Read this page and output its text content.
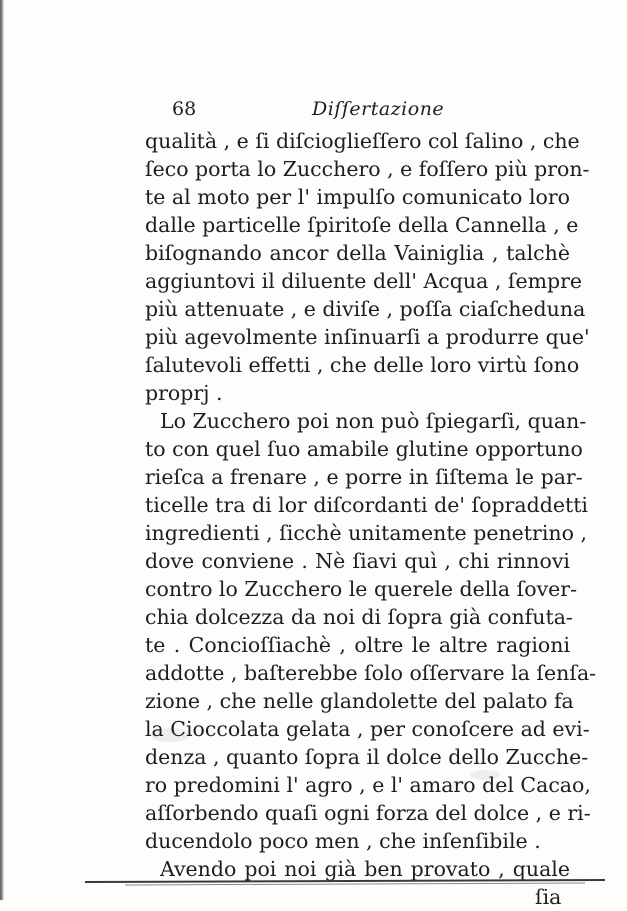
68	Diſſertazione
qualità , e ſi diſcioglieſſero col ſalino , che
ſeco porta lo Zucchero , e foſſero più pron-
te al moto per l' impulſo comunicato loro
dalle particelle ſpiritoſe della Cannella , e
biſognando ancor della Vainiglia , talchè
aggiuntovi il diluente dell' Acqua , ſempre
più attenuate , e diviſe , poſſa ciaſcheduna
più agevolmente inſinuarſi a produrre que'
ſalutevoli effetti , che delle loro virtù ſono
proprj .
Lo Zucchero poi non può ſpiegarſi, quan-
to con quel ſuo amabile glutine opportuno
rieſca a frenare , e porre in ſiſtema le par-
ticelle tra di lor diſcordanti de' ſopraddetti
ingredienti , ſicchè unitamente penetrino ,
dove conviene . Nè ſiavi quì , chi rinnovi
contro lo Zucchero le querele della ſover-
chia dolcezza da noi di ſopra già confuta-
te . Concioſſiachè , oltre le altre ragioni
addotte , baſterebbe ſolo oſſervare la ſenſa-
zione , che nelle glandolette del palato fa
la Cioccolata gelata , per conoſcere ad evi-
denza , quanto ſopra il dolce dello Zucche-
ro predomini l' agro , e l' amaro del Cacao,
aſſorbendo quaſi ogni forza del dolce , e ri-
ducendolo poco men , che inſenſibile .
Avendo poi noi già ben provato , quale
ſia
